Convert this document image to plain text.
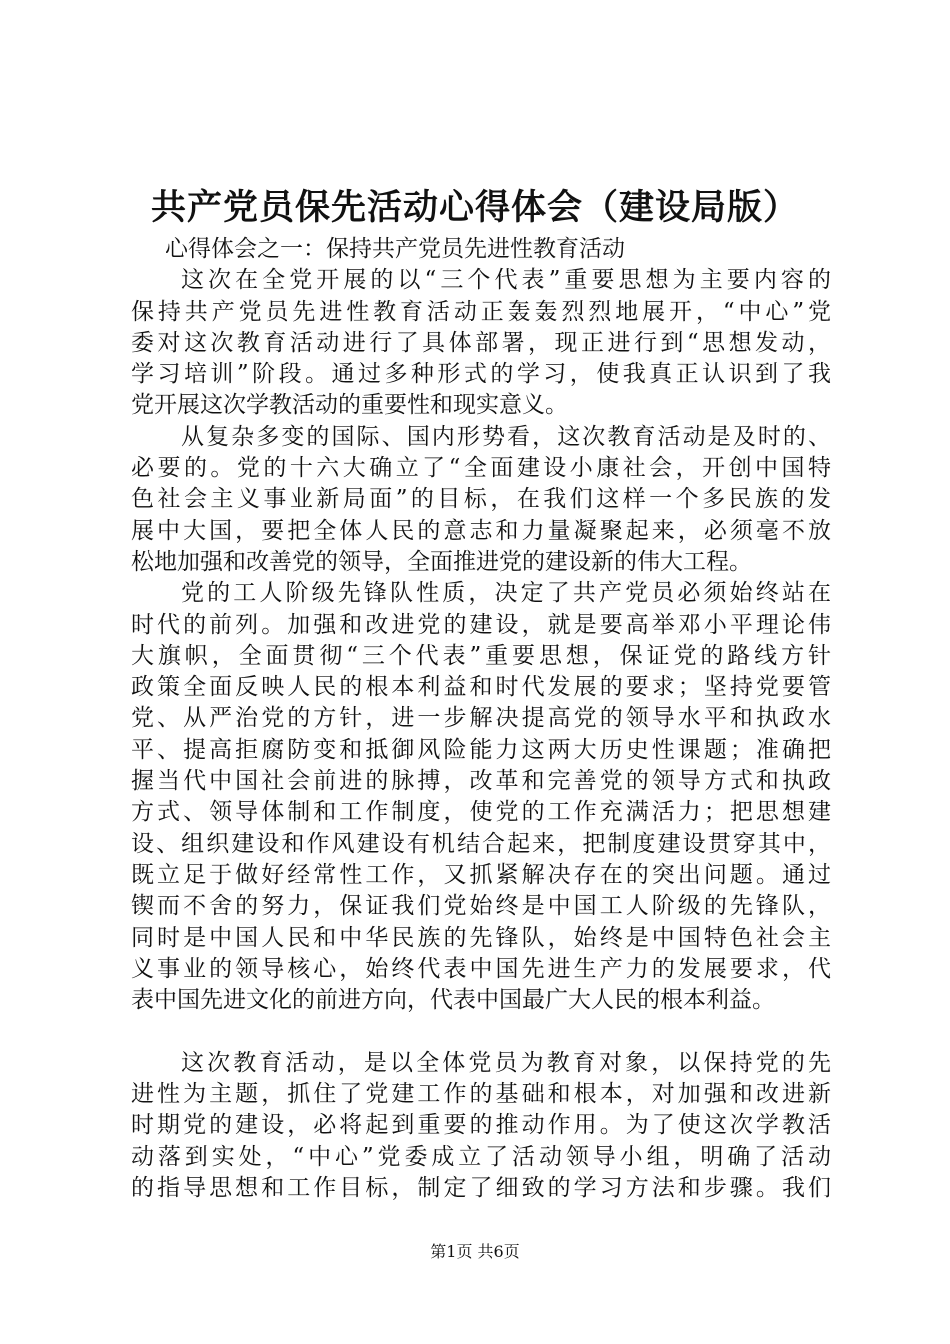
共产党员保先活动心得体会（建设局版）
心得体会之一：保持共产党员先进性教育活动
这次在全党开展的以“三个代表”重要思想为主要内容的
保持共产党员先进性教育活动正轰轰烈烈地展开，“中心”党
委对这次教育活动进行了具体部署，现正进行到“思想发动，
学习培训”阶段。通过多种形式的学习，使我真正认识到了我
党开展这次学教活动的重要性和现实意义。
从复杂多变的国际、国内形势看，这次教育活动是及时的、
必要的。党的十六大确立了“全面建设小康社会，开创中国特
色社会主义事业新局面”的目标，在我们这样一个多民族的发
展中大国，要把全体人民的意志和力量凝聚起来，必须毫不放
松地加强和改善党的领导，全面推进党的建设新的伟大工程。
党的工人阶级先锋队性质，决定了共产党员必须始终站在
时代的前列。加强和改进党的建设，就是要高举邓小平理论伟
大旗帜，全面贯彻“三个代表”重要思想，保证党的路线方针
政策全面反映人民的根本利益和时代发展的要求；坚持党要管
党、从严治党的方针，进一步解决提高党的领导水平和执政水
平、提高拒腐防变和抵御风险能力这两大历史性课题；准确把
握当代中国社会前进的脉搏，改革和完善党的领导方式和执政
方式、领导体制和工作制度，使党的工作充满活力；把思想建
设、组织建设和作风建设有机结合起来，把制度建设贯穿其中，
既立足于做好经常性工作，又抓紧解决存在的突出问题。通过
锲而不舍的努力，保证我们党始终是中国工人阶级的先锋队，
同时是中国人民和中华民族的先锋队，始终是中国特色社会主
义事业的领导核心，始终代表中国先进生产力的发展要求，代
表中国先进文化的前进方向，代表中国最广大人民的根本利益。
这次教育活动，是以全体党员为教育对象，以保持党的先
进性为主题，抓住了党建工作的基础和根本，对加强和改进新
时期党的建设，必将起到重要的推动作用。为了使这次学教活
动落到实处，“中心”党委成立了活动领导小组，明确了活动
的指导思想和工作目标，制定了细致的学习方法和步骤。我们
第1页 共6页
